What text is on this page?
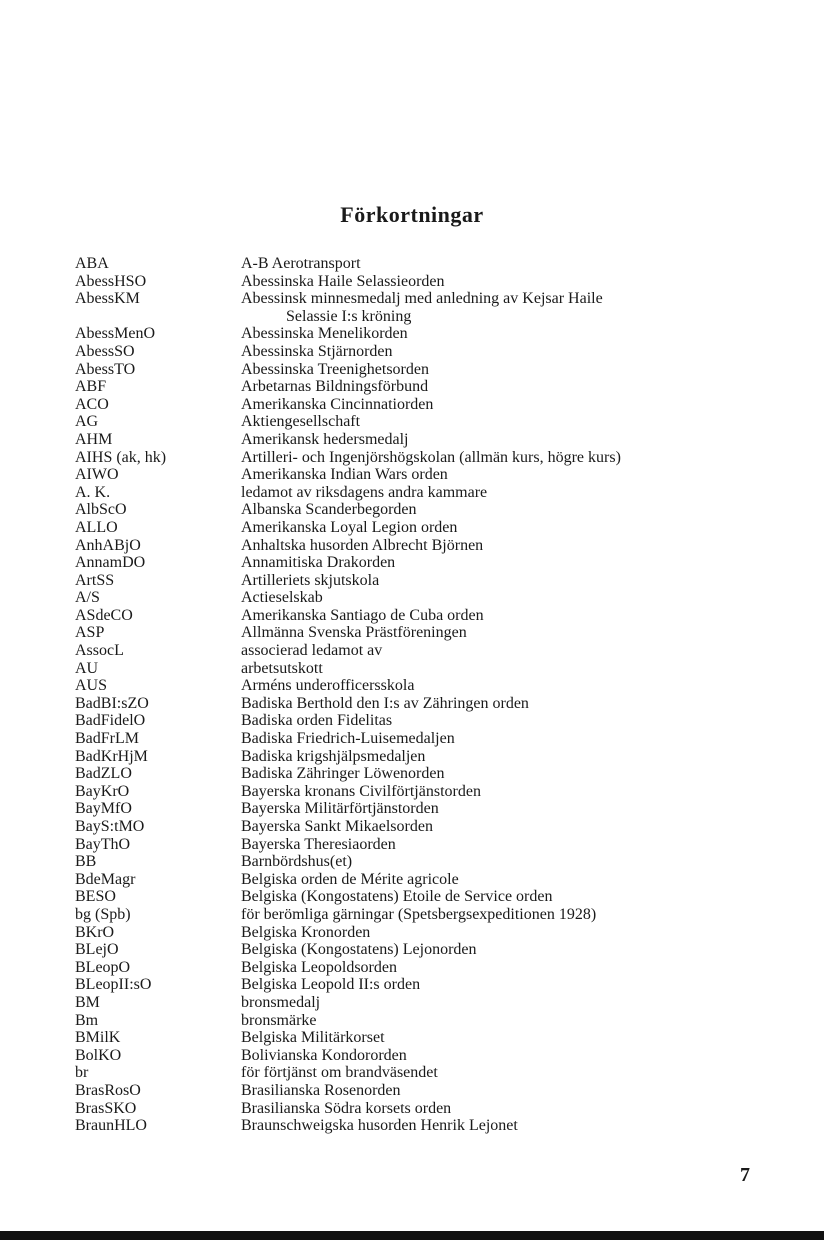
Förkortningar
ABA	A-B Aerotransport
AbessHSO	Abessinska Haile Selassieorden
AbessKM	Abessinsk minnesmedalj med anledning av Kejsar Haile
Selassie I:s kröning
AbessMenO	Abessinska Menelikorden
AbessSO	Abessinska Stjärnorden
AbessTO	Abessinska Treenighetsorden
ABF	Arbetarnas Bildningsförbund
ACO	Amerikanska Cincinnatiorden
AG	Aktiengesellschaft
AHM	Amerikansk hedersmedalj
AIHS (ak, hk)	Artilleri- och Ingenjörshögskolan (allmän kurs, högre kurs)
AIWO	Amerikanska Indian Wars orden
A. K.	ledamot av riksdagens andra kammare
AlbScO	Albanska Scanderbegorden
ALLO	Amerikanska Loyal Legion orden
AnhABjO	Anhaltska husorden Albrecht Björnen
AnnamDO	Annamitiska Drakorden
ArtSS	Artilleriets skjutskola
A/S	Actieselskab
ASdeCO	Amerikanska Santiago de Cuba orden
ASP	Allmänna Svenska Prästföreningen
AssocL	associerad ledamot av
AU	arbetsutskott
AUS	Arméns underofficersskola
BadBI:sZO	Badiska Berthold den I:s av Zähringen orden
BadFidelO	Badiska orden Fidelitas
BadFrLM	Badiska Friedrich-Luisemedaljen
BadKrHjM	Badiska krigshjälpsmedaljen
BadZLO	Badiska Zähringer Löwenorden
BayKrO	Bayerska kronans Civilförtjänstorden
BayMfO	Bayerska Militärförtjänstorden
BayS:tMO	Bayerska Sankt Mikaelsorden
BayThO	Bayerska Theresiaorden
BB	Barnbördshus(et)
BdeMagr	Belgiska orden de Mérite agricole
BESO	Belgiska (Kongostatens) Etoile de Service orden
bg (Spb)	för berömliga gärningar (Spetsbergsexpeditionen 1928)
BKrO	Belgiska Kronorden
BLejO	Belgiska (Kongostatens) Lejonorden
BLeopO	Belgiska Leopoldsorden
BLeopII:sO	Belgiska Leopold II:s orden
BM	bronsmedalj
Bm	bronsmärke
BMilK	Belgiska Militärkorset
BolKO	Bolivianska Kondororden
br	för förtjänst om brandväsendet
BrasRosO	Brasilianska Rosenorden
BrasSKO	Brasilianska Södra korsets orden
BraunHLO	Braunschweigska husorden Henrik Lejonet
7
